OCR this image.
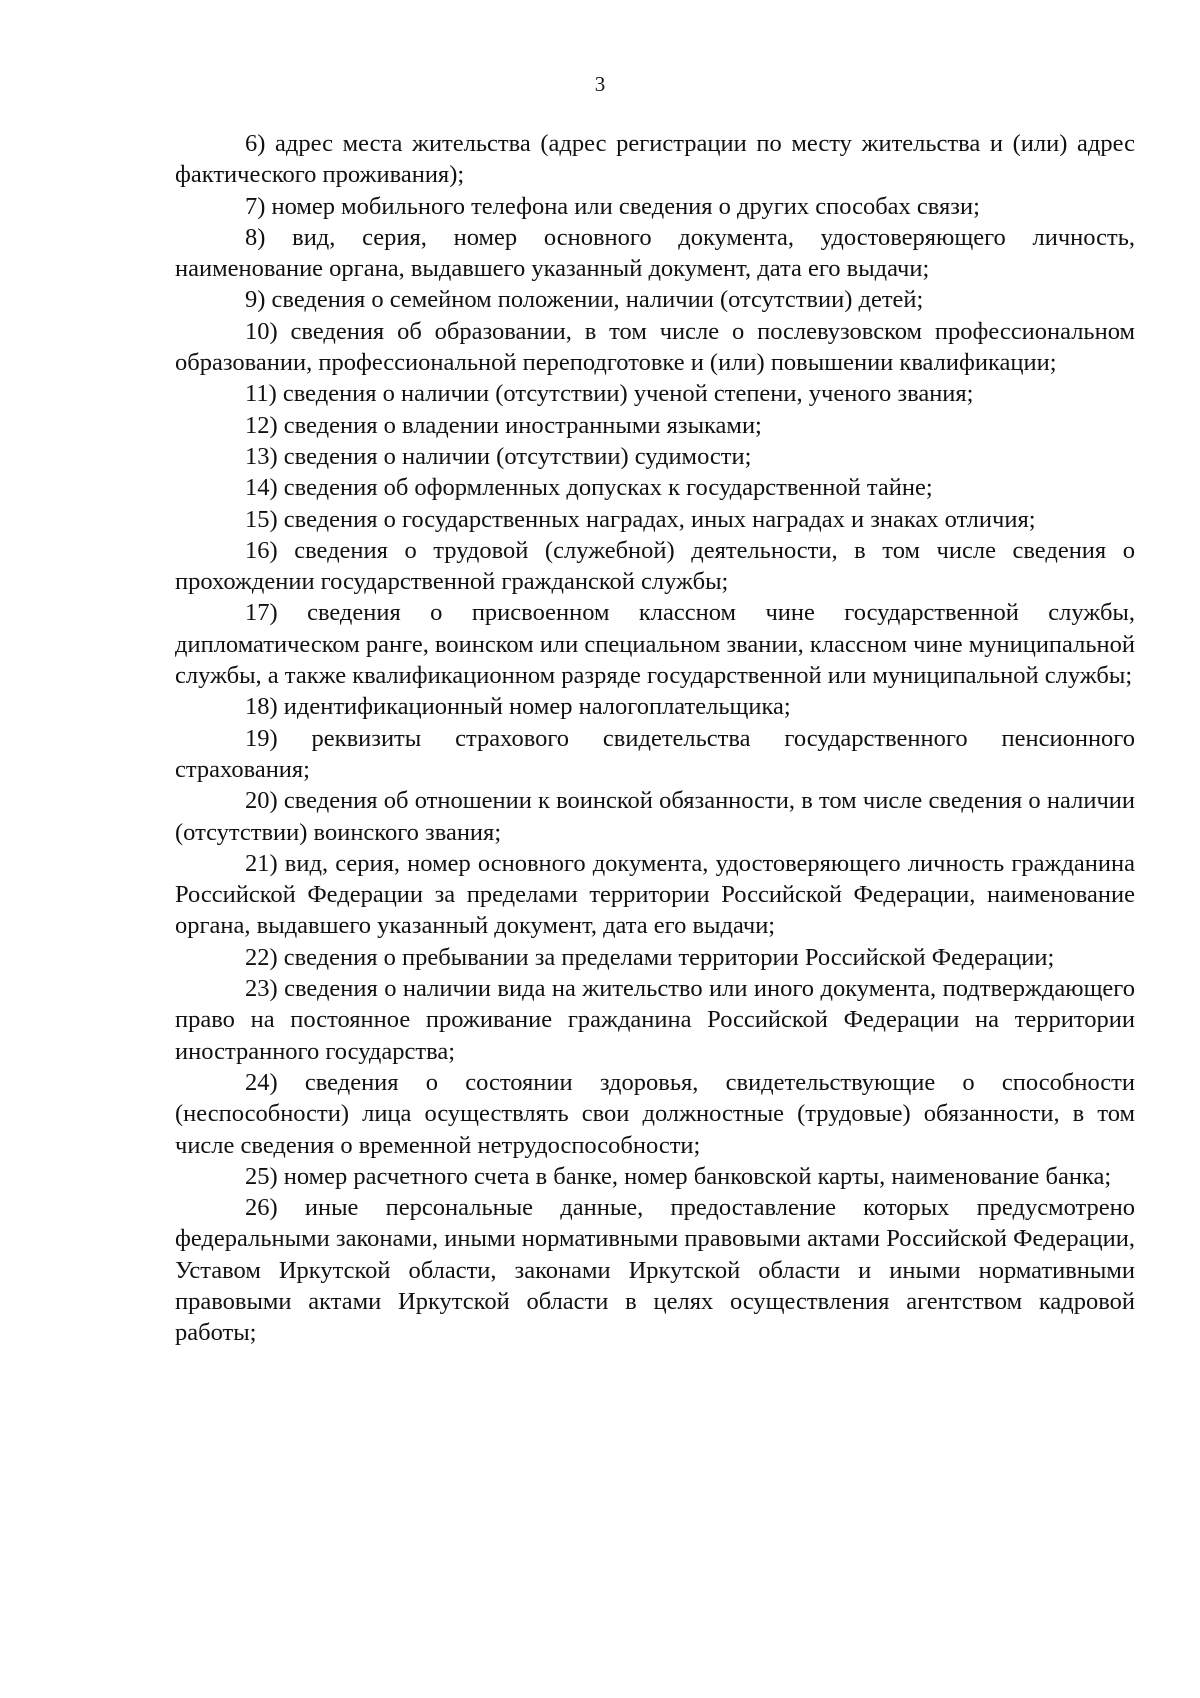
3

6) адрес места жительства (адрес регистрации по месту жительства и (или) адрес фактического проживания);

7) номер мобильного телефона или сведения о других способах связи;

8) вид, серия, номер основного документа, удостоверяющего личность, наименование органа, выдавшего указанный документ, дата его выдачи;

9) сведения о семейном положении, наличии (отсутствии) детей;

10) сведения об образовании, в том числе о послевузовском профессиональном образовании, профессиональной переподготовке и (или) повышении квалификации;

11) сведения о наличии (отсутствии) ученой степени, ученого звания;

12) сведения о владении иностранными языками;

13) сведения о наличии (отсутствии) судимости;

14) сведения об оформленных допусках к государственной тайне;

15) сведения о государственных наградах, иных наградах и знаках отличия;

16) сведения о трудовой (служебной) деятельности, в том числе сведения о прохождении государственной гражданской службы;

17) сведения о присвоенном классном чине государственной службы, дипломатическом ранге, воинском или специальном звании, классном чине муниципальной службы, а также квалификационном разряде государственной или муниципальной службы;

18) идентификационный номер налогоплательщика;

19) реквизиты страхового свидетельства государственного пенсионного страхования;

20) сведения об отношении к воинской обязанности, в том числе сведения о наличии (отсутствии) воинского звания;

21) вид, серия, номер основного документа, удостоверяющего личность гражданина Российской Федерации за пределами территории Российской Федерации, наименование органа, выдавшего указанный документ, дата его выдачи;

22) сведения о пребывании за пределами территории Российской Федерации;

23) сведения о наличии вида на жительство или иного документа, подтверждающего право на постоянное проживание гражданина Российской Федерации на территории иностранного государства;

24) сведения о состоянии здоровья, свидетельствующие о способности (неспособности) лица осуществлять свои должностные (трудовые) обязанности, в том числе сведения о временной нетрудоспособности;

25) номер расчетного счета в банке, номер банковской карты, наименование банка;

26) иные персональные данные, предоставление которых предусмотрено федеральными законами, иными нормативными правовыми актами Российской Федерации, Уставом Иркутской области, законами Иркутской области и иными нормативными правовыми актами Иркутской области в целях осуществления агентством кадровой работы;
